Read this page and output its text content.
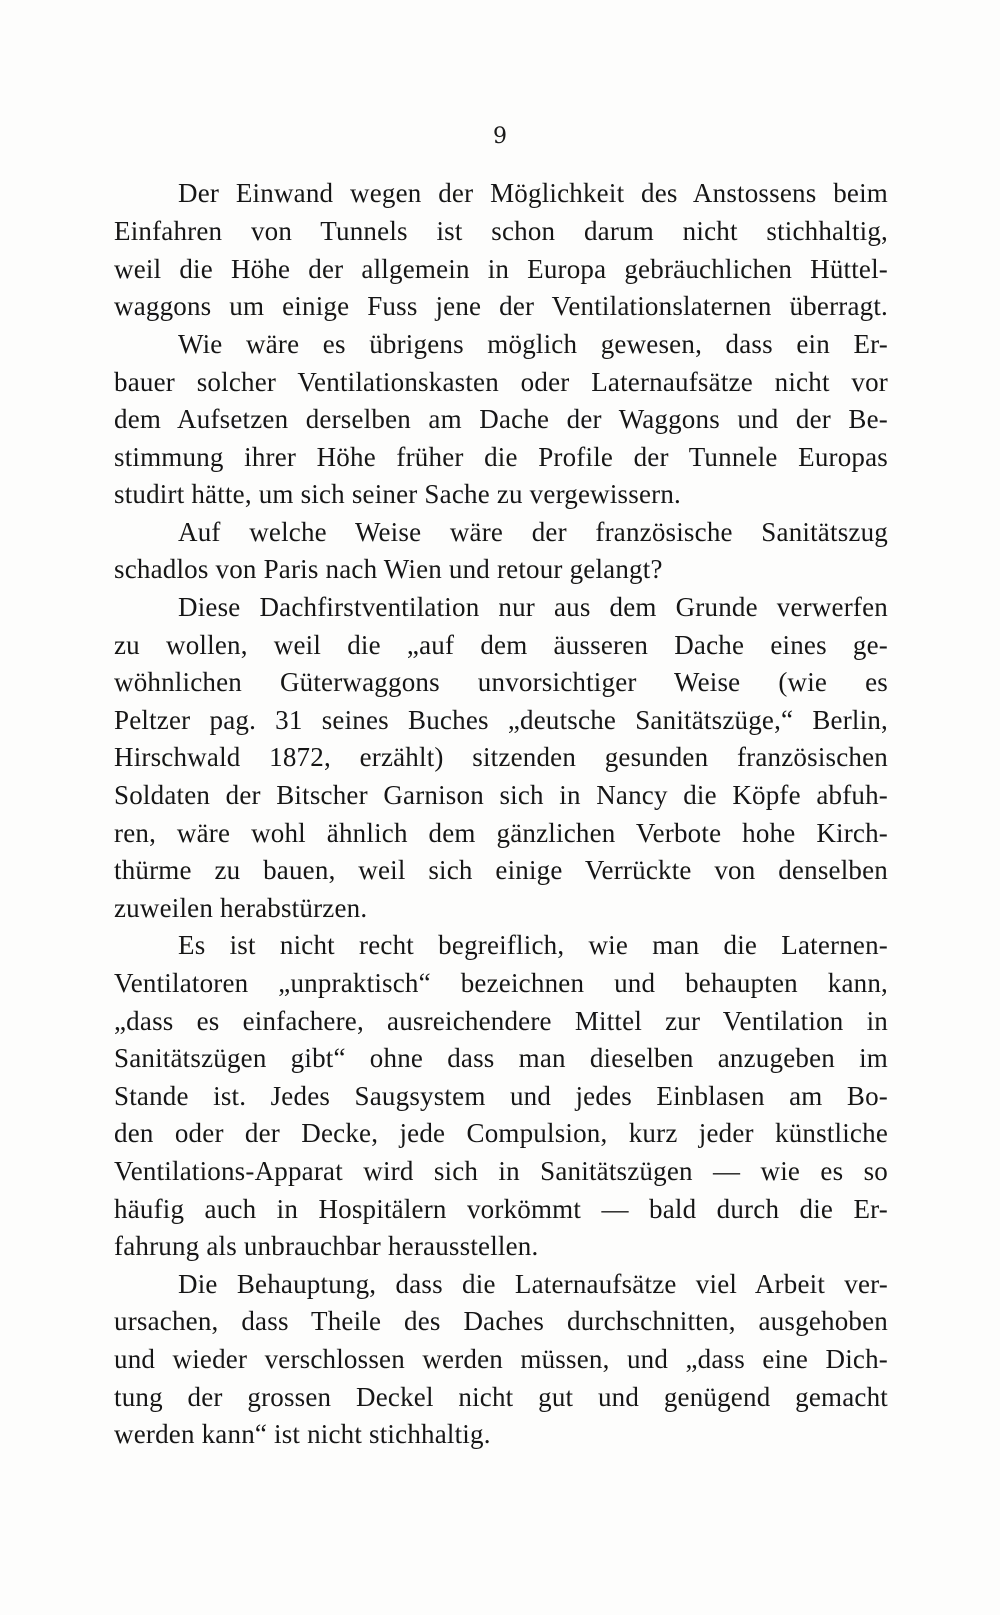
9
Der Einwand wegen der Möglichkeit des Anstossens beim
Einfahren von Tunnels ist schon darum nicht stichhaltig,
weil die Höhe der allgemein in Europa gebräuchlichen Hüttel-
waggons um einige Fuss jene der Ventilationslaternen überragt.
Wie wäre es übrigens möglich gewesen, dass ein Er-
bauer solcher Ventilationskasten oder Laternaufsätze nicht vor
dem Aufsetzen derselben am Dache der Waggons und der Be-
stimmung ihrer Höhe früher die Profile der Tunnele Europas
studirt hätte, um sich seiner Sache zu vergewissern.
Auf welche Weise wäre der französische Sanitätszug
schadlos von Paris nach Wien und retour gelangt?
Diese Dachfirstventilation nur aus dem Grunde verwerfen
zu wollen, weil die „auf dem äusseren Dache eines ge-
wöhnlichen Güterwaggons unvorsichtiger Weise (wie es
Peltzer pag. 31 seines Buches „deutsche Sanitätszüge,“ Berlin,
Hirschwald 1872, erzählt) sitzenden gesunden französischen
Soldaten der Bitscher Garnison sich in Nancy die Köpfe abfuh-
ren, wäre wohl ähnlich dem gänzlichen Verbote hohe Kirch-
thürme zu bauen, weil sich einige Verrückte von denselben
zuweilen herabstürzen.
Es ist nicht recht begreiflich, wie man die Laternen-
Ventilatoren „unpraktisch“ bezeichnen und behaupten kann,
„dass es einfachere, ausreichendere Mittel zur Ventilation in
Sanitätszügen gibt“ ohne dass man dieselben anzugeben im
Stande ist. Jedes Saugsystem und jedes Einblasen am Bo-
den oder der Decke, jede Compulsion, kurz jeder künstliche
Ventilations-Apparat wird sich in Sanitätszügen — wie es so
häufig auch in Hospitälern vorkömmt — bald durch die Er-
fahrung als unbrauchbar herausstellen.
Die Behauptung, dass die Laternaufsätze viel Arbeit ver-
ursachen, dass Theile des Daches durchschnitten, ausgehoben
und wieder verschlossen werden müssen, und „dass eine Dich-
tung der grossen Deckel nicht gut und genügend gemacht
werden kann“ ist nicht stichhaltig.
